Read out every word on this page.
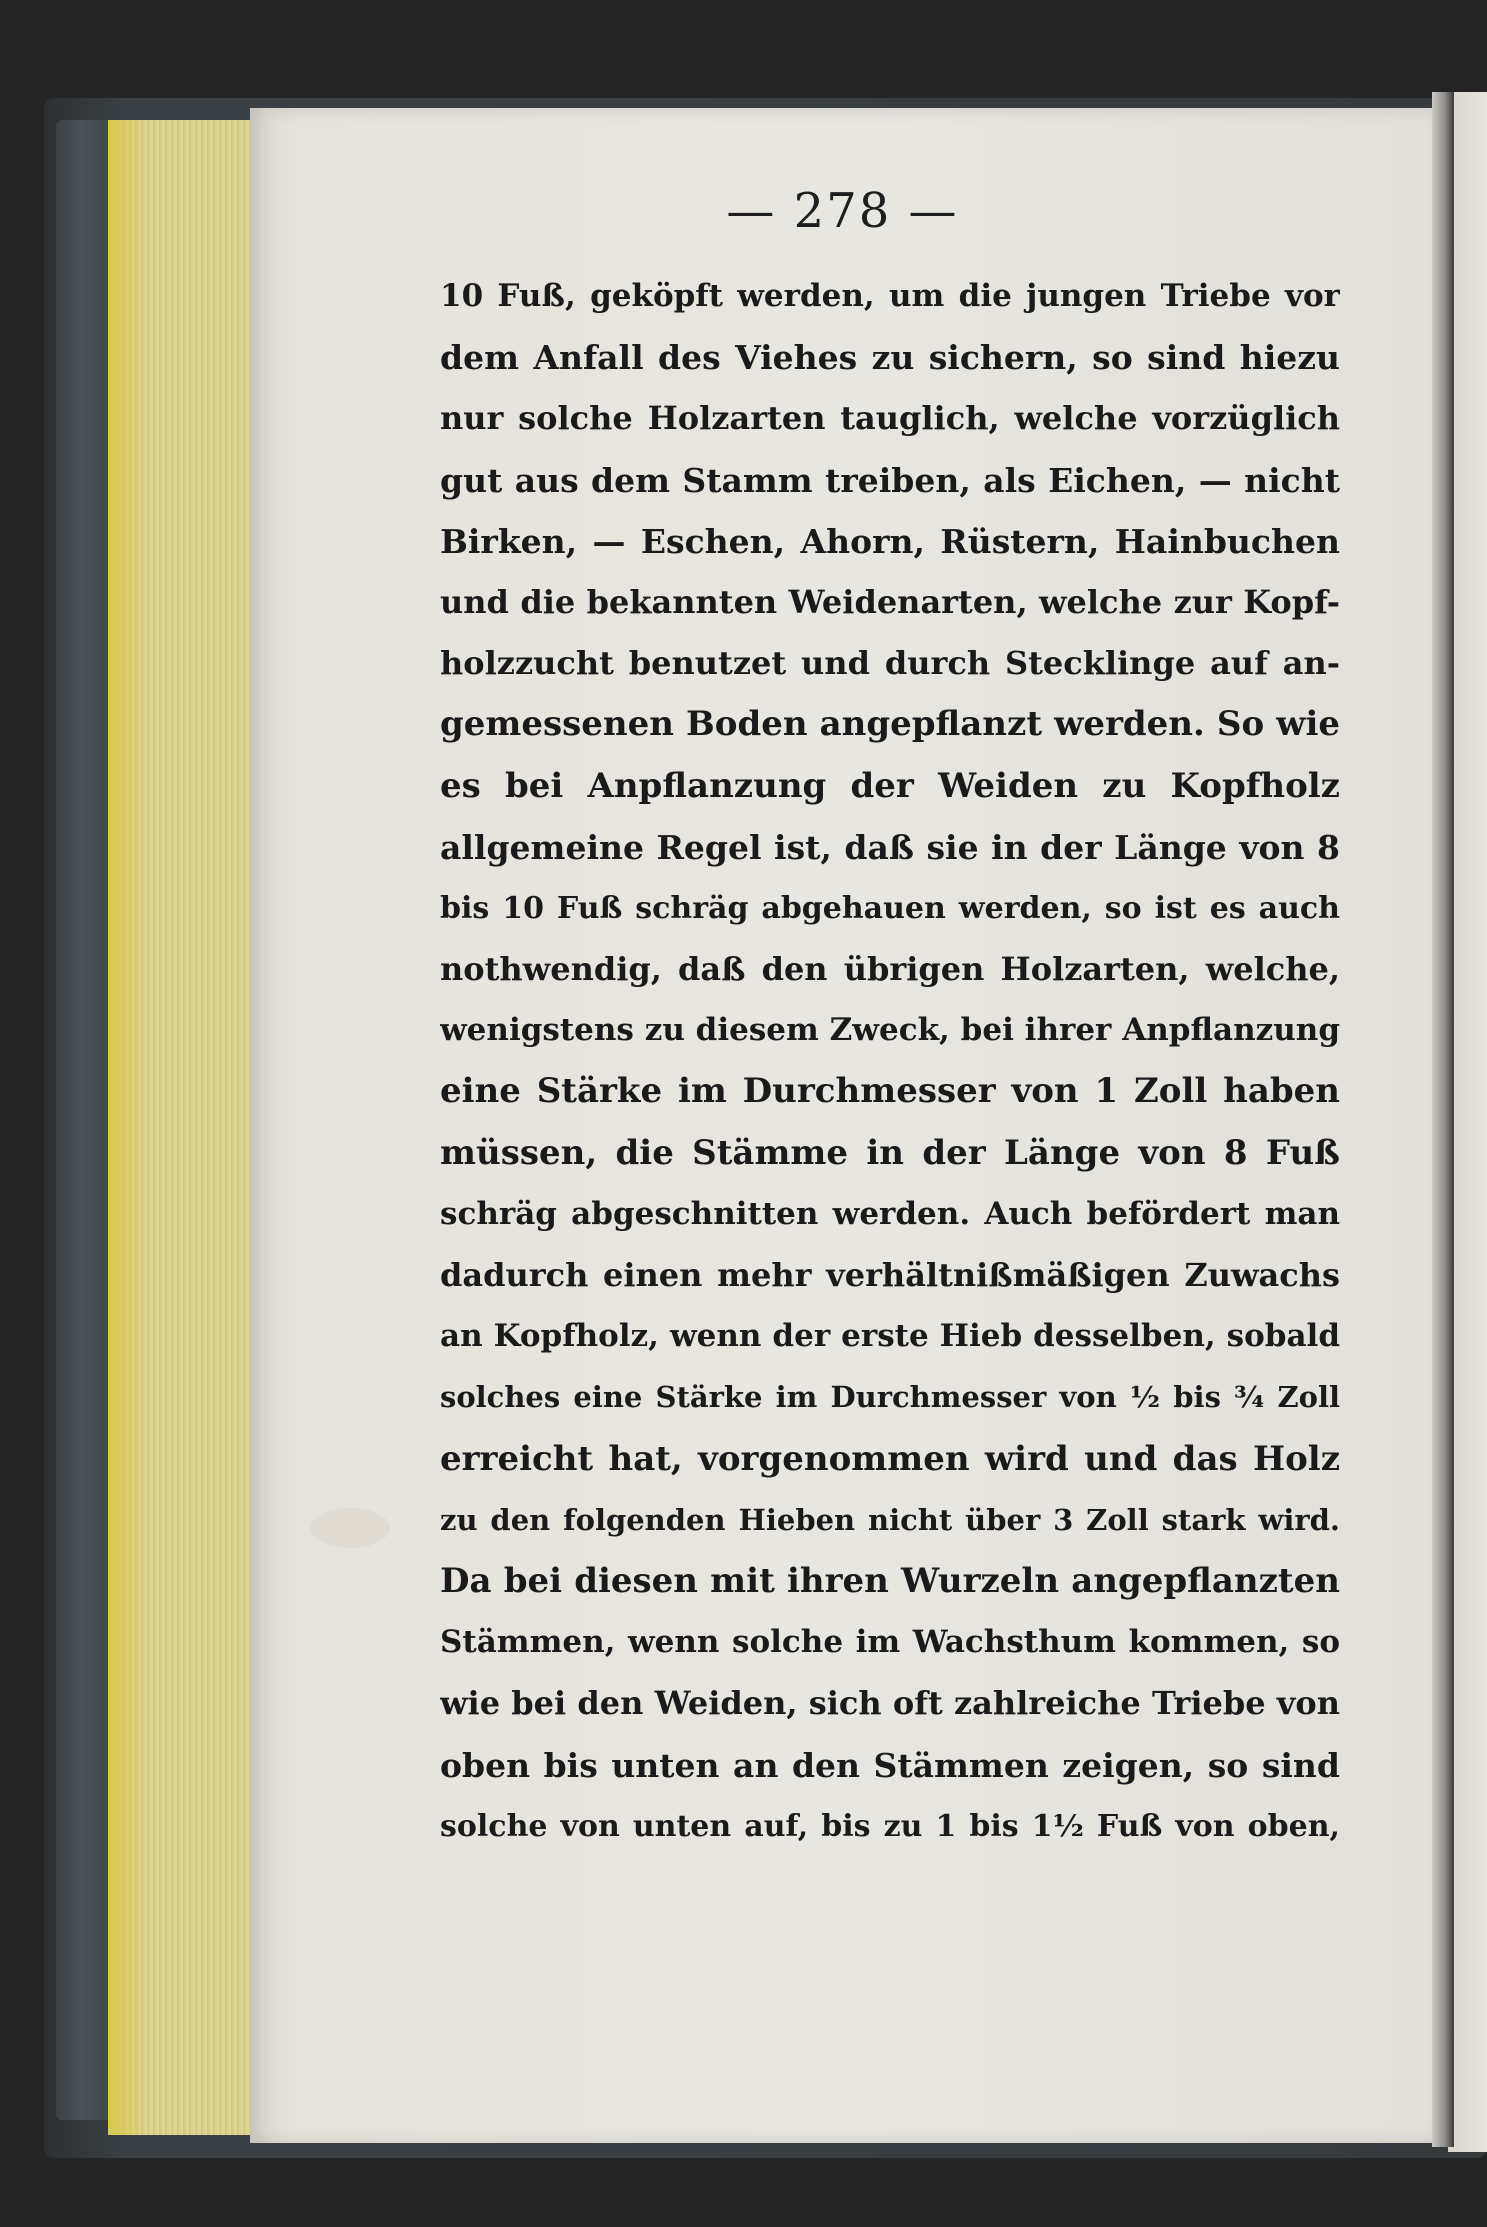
— 278 —
10 Fuß, geköpft werden, um die jungen Triebe vor
dem Anfall des Viehes zu sichern, so sind hiezu
nur solche Holzarten tauglich, welche vorzüglich
gut aus dem Stamm treiben, als Eichen, — nicht
Birken, — Eschen, Ahorn, Rüstern, Hainbuchen
und die bekannten Weidenarten, welche zur Kopf-
holzzucht benutzet und durch Stecklinge auf an-
gemessenen Boden angepflanzt werden. So wie
es bei Anpflanzung der Weiden zu Kopfholz
allgemeine Regel ist, daß sie in der Länge von 8
bis 10 Fuß schräg abgehauen werden, so ist es auch
nothwendig, daß den übrigen Holzarten, welche,
wenigstens zu diesem Zweck, bei ihrer Anpflanzung
eine Stärke im Durchmesser von 1 Zoll haben
müssen, die Stämme in der Länge von 8 Fuß
schräg abgeschnitten werden. Auch befördert man
dadurch einen mehr verhältnißmäßigen Zuwachs
an Kopfholz, wenn der erste Hieb desselben, sobald
solches eine Stärke im Durchmesser von ½ bis ¾ Zoll
erreicht hat, vorgenommen wird und das Holz
zu den folgenden Hieben nicht über 3 Zoll stark wird.
Da bei diesen mit ihren Wurzeln angepflanzten
Stämmen, wenn solche im Wachsthum kommen, so
wie bei den Weiden, sich oft zahlreiche Triebe von
oben bis unten an den Stämmen zeigen, so sind
solche von unten auf, bis zu 1 bis 1½ Fuß von oben,
